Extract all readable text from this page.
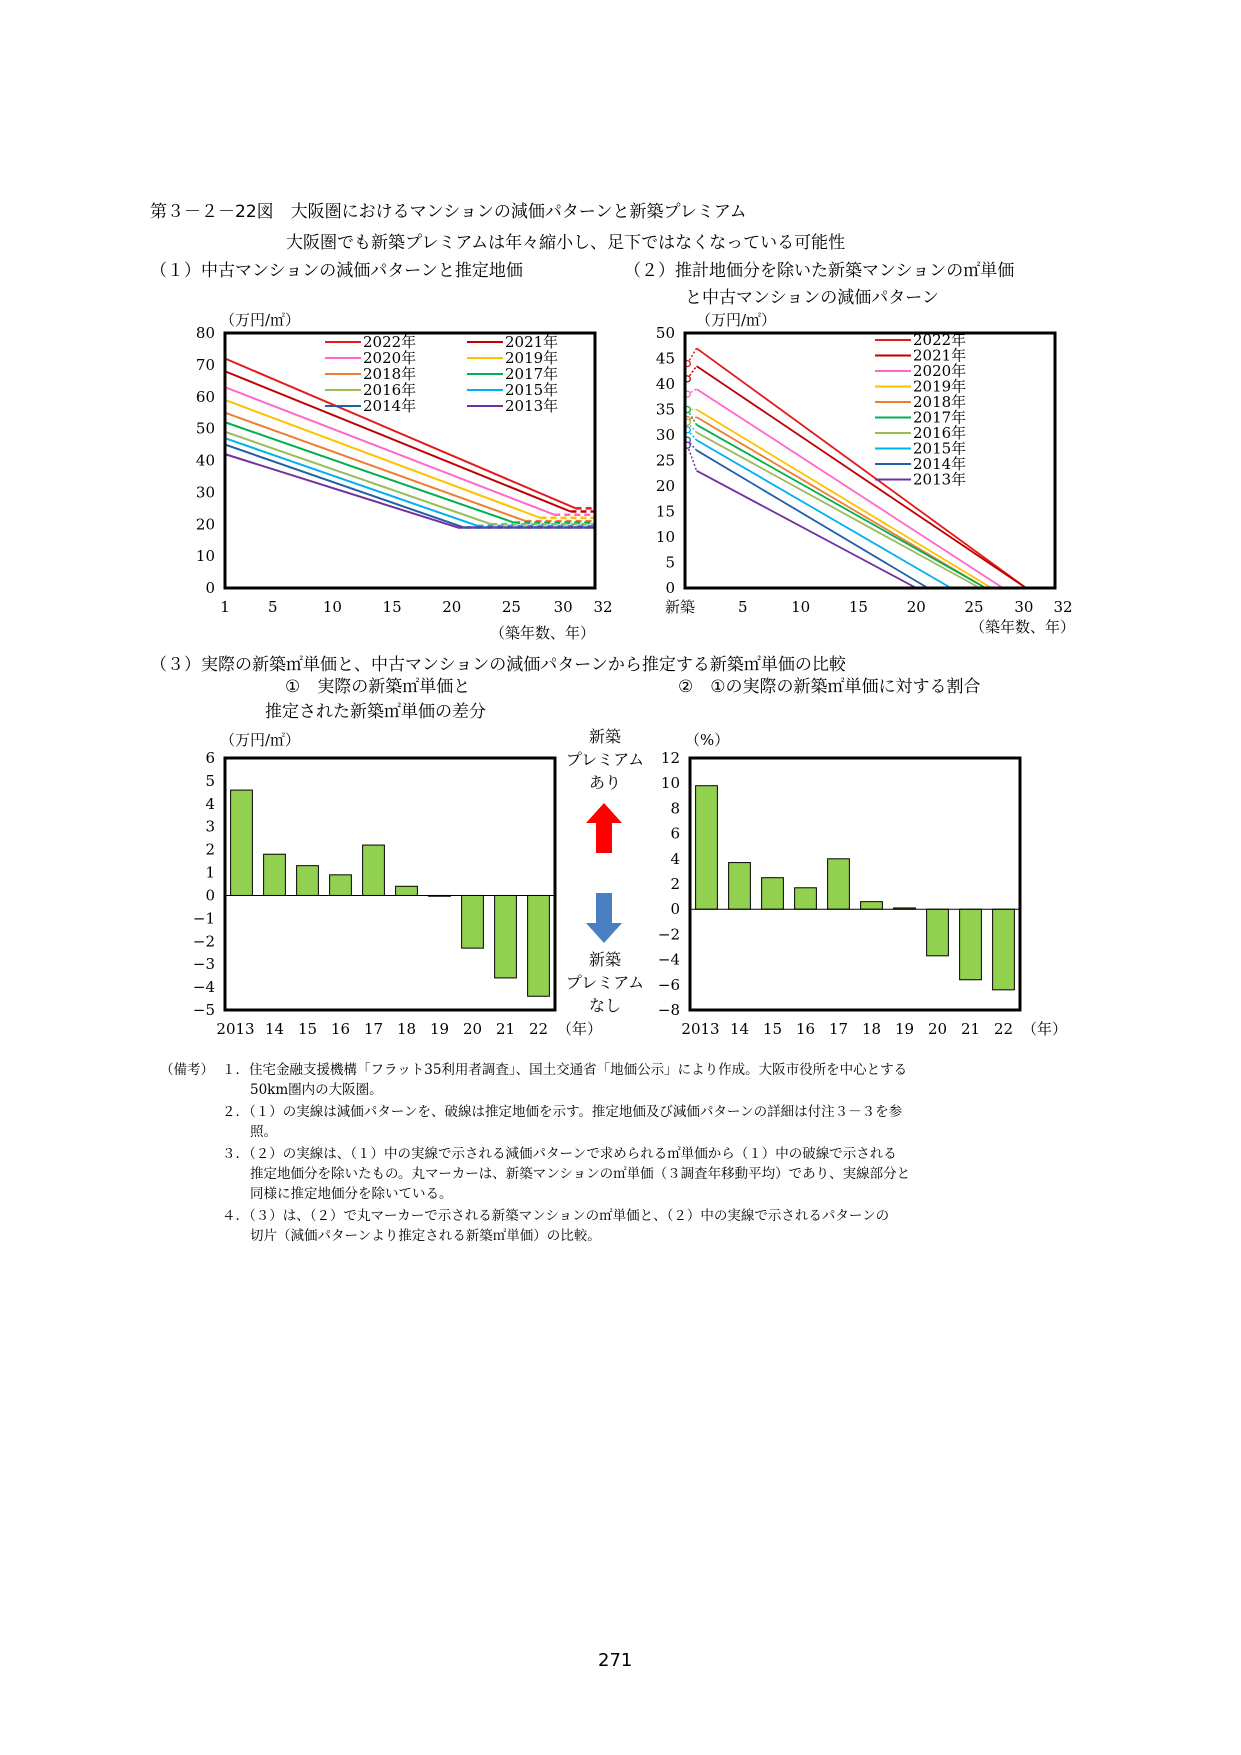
第３－２－22図　大阪圏におけるマンションの減価パターンと新築プレミアム
大阪圏でも新築プレミアムは年々縮小し、足下ではなくなっている可能性
（１）中古マンションの減価パターンと推定地価	（２）推計地価分を除いた新築マンションの㎡単価
と中古マンションの減価パターン
（３）実際の新築㎡単価と、中古マンションの減価パターンから推定する新築㎡単価の比較
①　実際の新築㎡単価と
推定された新築㎡単価の差分
②　①の実際の新築㎡単価に対する割合
（万円/㎡）
0
10
20
30
40
50
60
70
80
1	5	10	15	20	25 30 32
（築年数、年）
2022年	2021年
2020年	2019年
2018年	2017年
2016年	2015年
2014年	2013年
（万円/㎡）
0
5
10
15
20
25
30
35
40
45
50
新築	5	10	15	20	25 30 32
（築年数、年）
2022年
2021年
2020年
2019年
2018年
2017年
2016年
2015年
2014年
2013年
（万円/㎡）
−5
−4
−3
−2
−1
0
1
2
3
4
5
6
2013 14 15 16 17 18 19 20 21 22 （年）
（%）
−8
−6
−4
−2
0
2
4
6
8
10
12
2013 14 15 16 17 18 19 20 21 22 （年）
新築
プレミアム
あり
新築
プレミアム
なし
（備考） １．住宅金融支援機構「フラット35利用者調査」、国土交通省「地価公示」により作成。大阪市役所を中心とする
50km圏内の大阪圏。
２．（１）の実線は減価パターンを、破線は推定地価を示す。推定地価及び減価パターンの詳細は付注３－３を参
照。
３．（２）の実線は、（１）中の実線で示される減価パターンで求められる㎡単価から（１）中の破線で示される
推定地価分を除いたもの。丸マーカーは、新築マンションの㎡単価（３調査年移動平均）であり、実線部分と
同様に推定地価分を除いている。
４．（３）は、（２）で丸マーカーで示される新築マンションの㎡単価と、（２）中の実線で示されるパターンの
切片（減価パターンより推定される新築㎡単価）の比較。
271
